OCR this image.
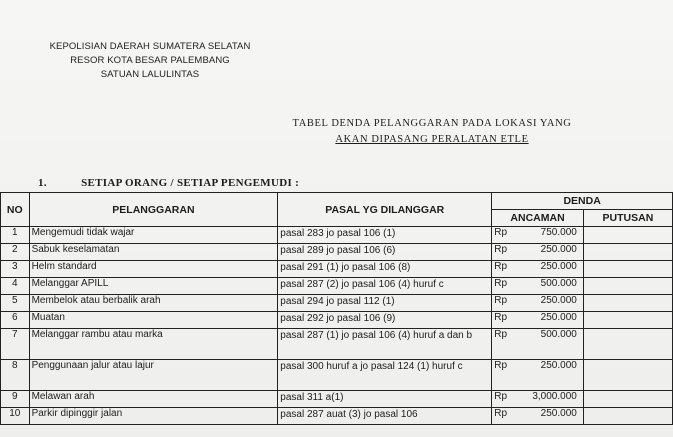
KEPOLISIAN DAERAH SUMATERA SELATAN
RESOR KOTA BESAR PALEMBANG
SATUAN LALULINTAS
TABEL DENDA PELANGGARAN PADA LOKASI YANG
AKAN DIPASANG PERALATAN ETLE
1.	SETIAP ORANG / SETIAP PENGEMUDI :
NO	PELANGGARAN	PASAL YG DILANGGAR	DENDA	
			ANCAMAN	PUTUSAN
1	Mengemudi tidak wajar	pasal 283 jo pasal 106 (1)	Rp 750.000	

2	Sabuk keselamatan	pasal 289 jo pasal 106 (6)	Rp 250.000	

3	Helm standard	pasal 291 (1) jo pasal 106 (8)	Rp 250.000	

4	Melanggar APILL	pasal 287 (2) jo pasal 106 (4) huruf c	Rp 500.000	

5	Membelok atau berbalik arah	pasal 294 jo pasal 112 (1)	Rp 250.000	

6	Muatan	pasal 292 jo pasal 106 (9)	Rp 250.000	

7	Melanggar rambu atau marka	pasal 287 (1) jo pasal 106 (4) huruf a dan b	Rp 500.000	

8	Penggunaan jalur atau lajur	pasal 300 huruf a jo pasal 124 (1) huruf c	Rp 250.000	

9	Melawan arah	pasal 311 a(1)	Rp 3,000.000	

10	Parkir dipinggir jalan	pasal 287 auat (3) jo pasal 106	Rp 250.000	
